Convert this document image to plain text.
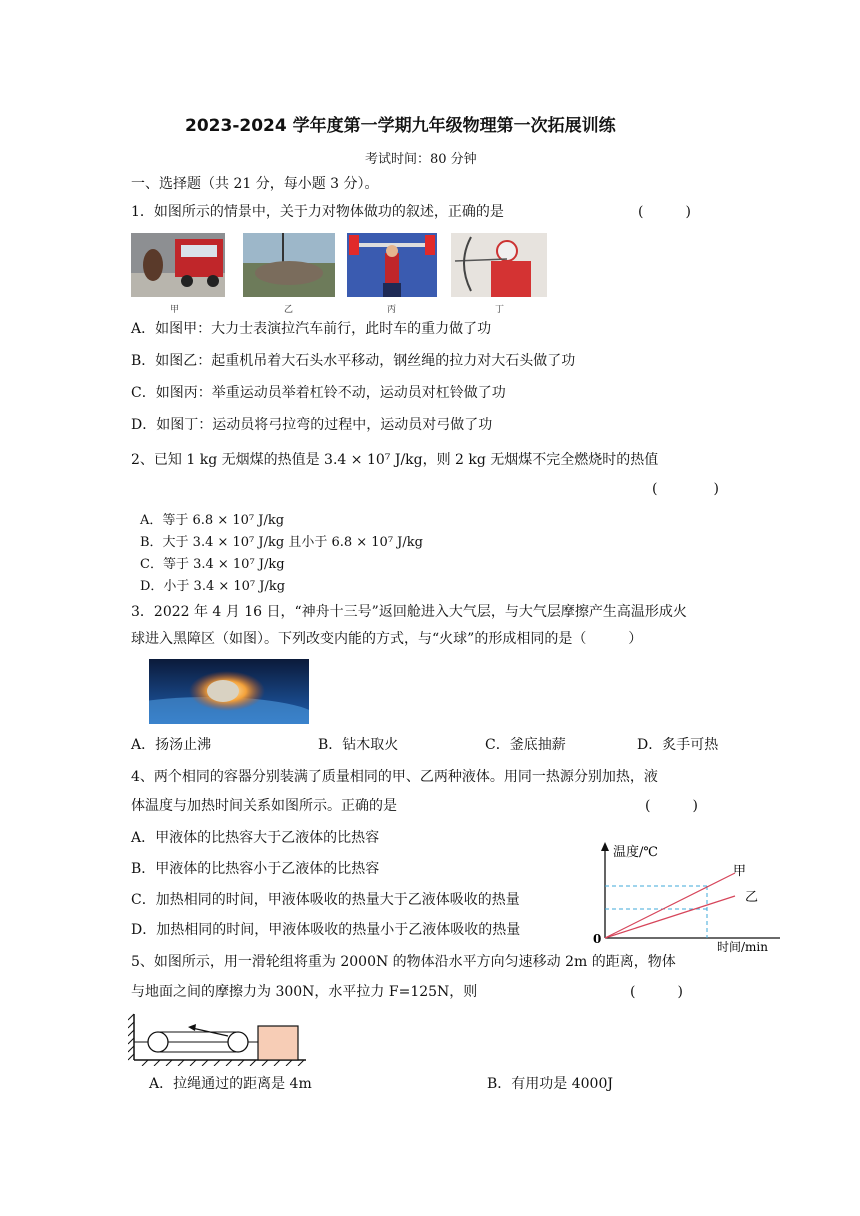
2023-2024 学年度第一学期九年级物理第一次拓展训练
考试时间：80 分钟
一、选择题（共 21 分，每小题 3 分）。
1．如图所示的情景中，关于力对物体做功的叙述，正确的是	(　　　)
甲	乙	丙	丁
A．如图甲：大力士表演拉汽车前行，此时车的重力做了功
B．如图乙：起重机吊着大石头水平移动，钢丝绳的拉力对大石头做了功
C．如图丙：举重运动员举着杠铃不动，运动员对杠铃做了功
D．如图丁：运动员将弓拉弯的过程中，运动员对弓做了功
2、已知 1 kg 无烟煤的热值是 3.4 × 10⁷ J/kg，则 2 kg 无烟煤不完全燃烧时的热值
(　　　　)
A．等于 6.8 × 10⁷ J/kg
B．大于 3.4 × 10⁷ J/kg 且小于 6.8 × 10⁷ J/kg
C．等于 3.4 × 10⁷ J/kg
D．小于 3.4 × 10⁷ J/kg
3．2022 年 4 月 16 日，“神舟十三号”返回舱进入大气层，与大气层摩擦产生高温形成火
球进入黑障区（如图）。下列改变内能的方式，与“火球”的形成相同的是（　　　）
A．扬汤止沸	B．钻木取火	C．釜底抽薪	D．炙手可热
4、两个相同的容器分别装满了质量相同的甲、乙两种液体。用同一热源分别加热，液
体温度与加热时间关系如图所示。正确的是	(　　　)
A．甲液体的比热容大于乙液体的比热容
B．甲液体的比热容小于乙液体的比热容
C．加热相同的时间，甲液体吸收的热量大于乙液体吸收的热量
D．加热相同的时间，甲液体吸收的热量小于乙液体吸收的热量
温度/℃
甲
乙
0
时间/min
5、如图所示，用一滑轮组将重为 2000N 的物体沿水平方向匀速移动 2m 的距离，物体
与地面之间的摩擦力为 300N，水平拉力 F=125N，则	(　　　)
A．拉绳通过的距离是 4m	B．有用功是 4000J
